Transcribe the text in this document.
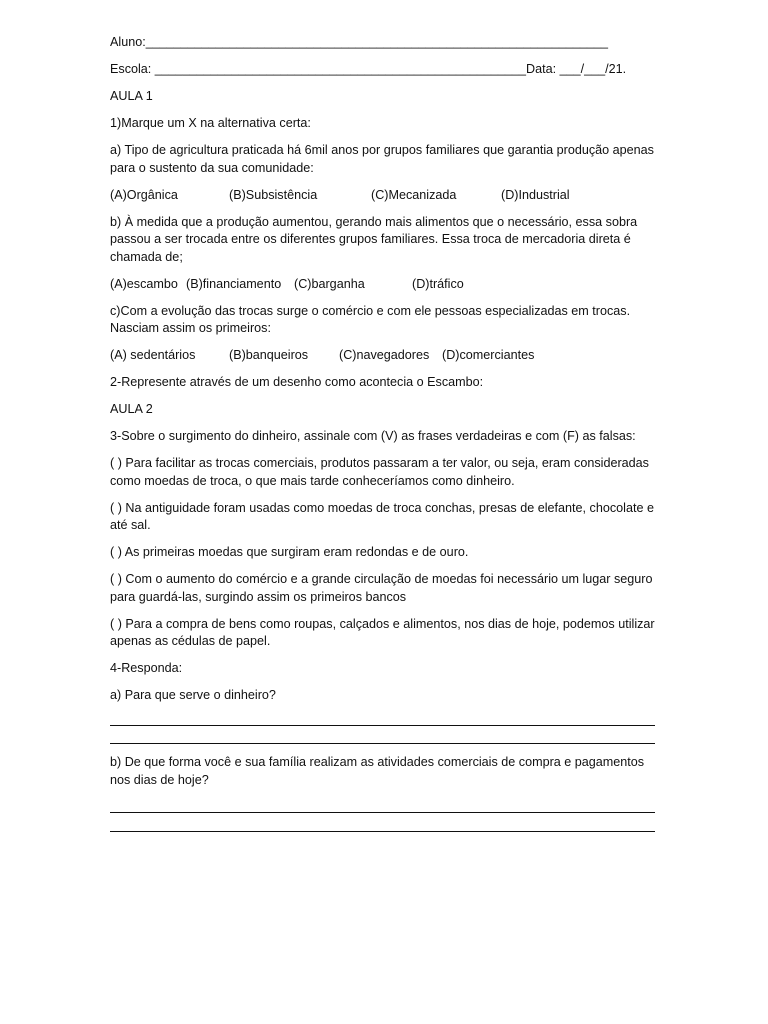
Aluno:__________________________________________________________________
Escola: _____________________________________________________Data: ___/___/21.
AULA 1
1)Marque um X na alternativa certa:
a) Tipo de agricultura praticada há 6mil anos por grupos familiares que garantia produção apenas para o sustento da sua comunidade:
(A)Orgânica	(B)Subsistência	(C)Mecanizada	(D)Industrial
b) À medida que a produção aumentou, gerando mais alimentos que o necessário, essa sobra passou a ser trocada entre os diferentes grupos familiares. Essa troca de mercadoria direta é chamada de;
(A)escambo (B)financiamento (C)barganha	(D)tráfico
c)Com a evolução das trocas surge o comércio e com ele pessoas especializadas em trocas. Nasciam assim os primeiros:
(A) sedentários	(B)banqueiros (C)navegadores (D)comerciantes
2-Represente através de um desenho como acontecia o Escambo:
AULA 2
3-Sobre o surgimento do dinheiro, assinale com (V) as frases verdadeiras e com (F) as falsas:
( ) Para facilitar as trocas comerciais, produtos passaram a ter valor, ou seja, eram consideradas como moedas de troca, o que mais tarde conheceríamos como dinheiro.
( ) Na antiguidade foram usadas como moedas de troca conchas, presas de elefante, chocolate e até sal.
( ) As primeiras moedas que surgiram eram redondas e de ouro.
( ) Com o aumento do comércio e a grande circulação de moedas foi necessário um lugar seguro para guardá-las, surgindo assim os primeiros bancos
( ) Para a compra de bens como roupas, calçados e alimentos, nos dias de hoje, podemos utilizar apenas as cédulas de papel.
4-Responda:
a) Para que serve o dinheiro?
b) De que forma você e sua família realizam as atividades comerciais de compra e pagamentos nos dias de hoje?
